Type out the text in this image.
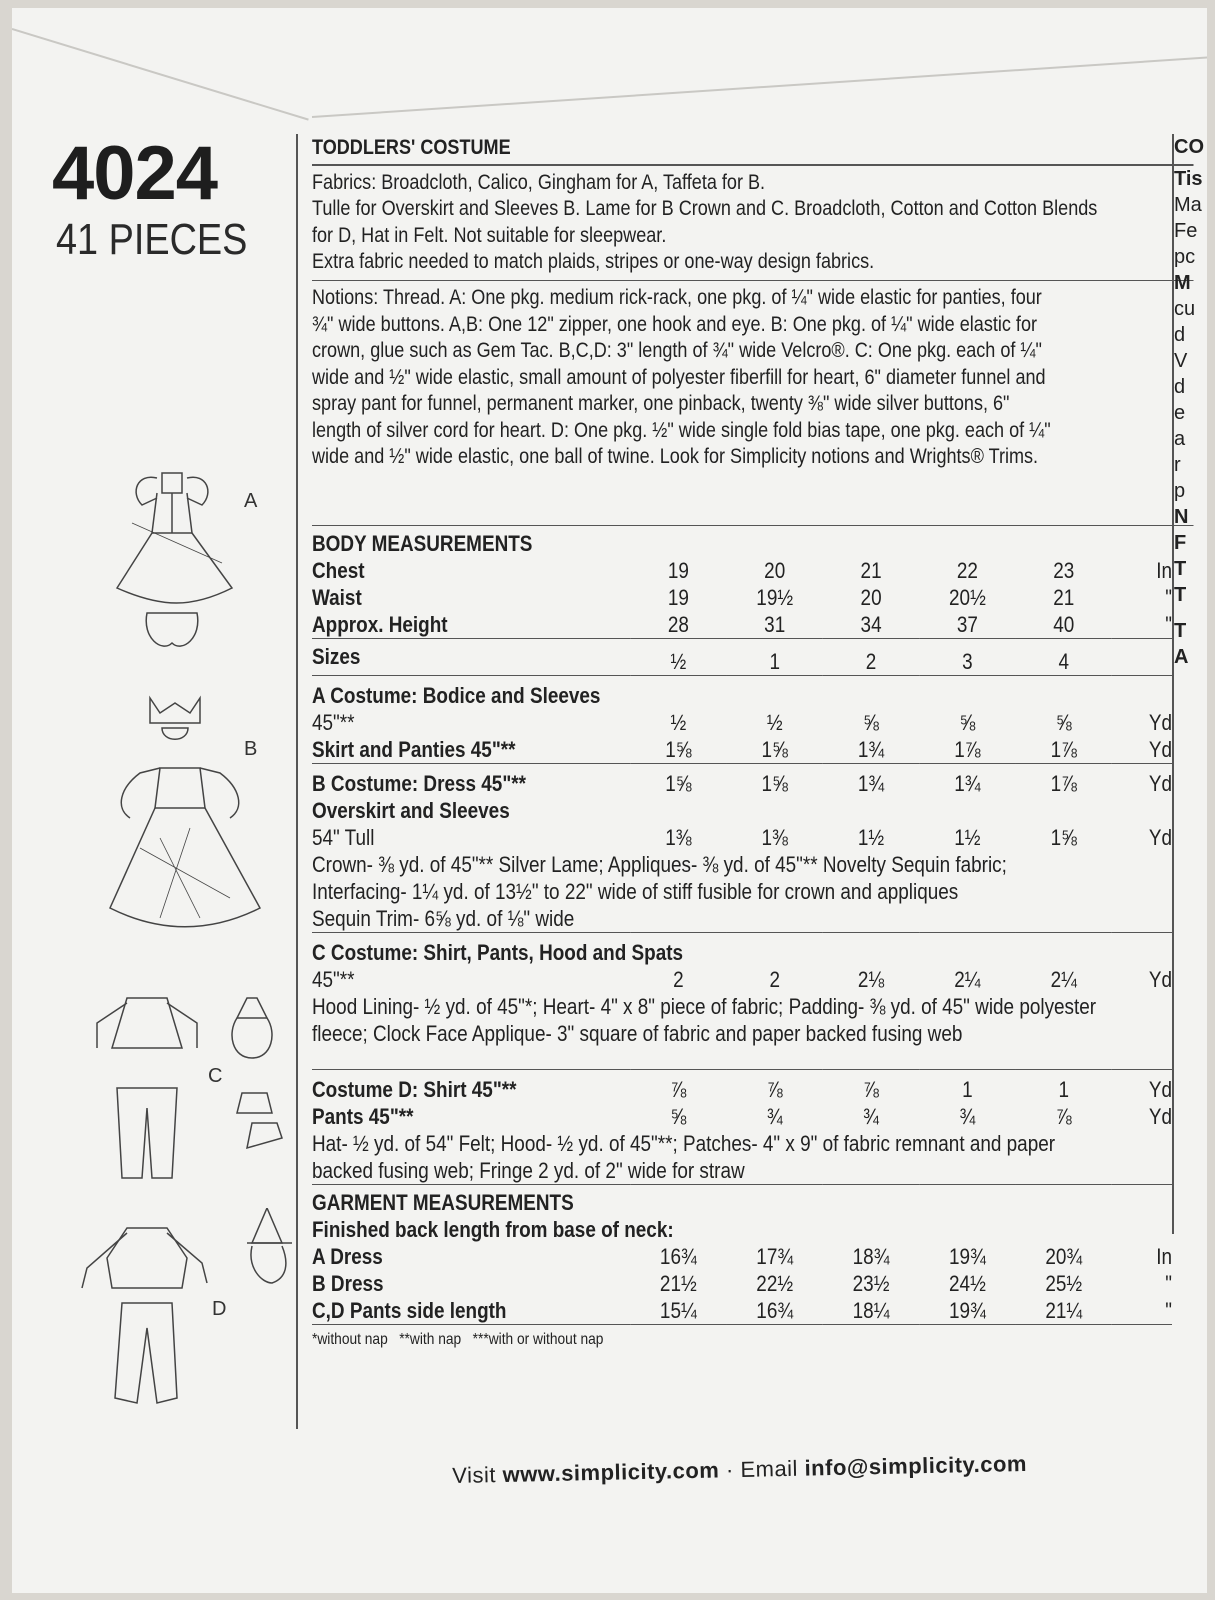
4024
41 PIECES
A
B
C
D
TODDLERS' COSTUME

Fabrics: Broadcloth, Calico, Gingham for A, Taffeta for B.

Tulle for Overskirt and Sleeves B. Lame for B Crown and C. Broadcloth, Cotton and Cotton Blends

for D, Hat in Felt. Not suitable for sleepwear.

Extra fabric needed to match plaids, stripes or one-way design fabrics.

Notions: Thread. A: One pkg. medium rick-rack, one pkg. of ¼" wide elastic for panties, four

¾" wide buttons. A,B: One 12" zipper, one hook and eye. B: One pkg. of ¼" wide elastic for

crown, glue such as Gem Tac. B,C,D: 3" length of ¾" wide Velcro®. C: One pkg. each of ¼"

wide and ½" wide elastic, small amount of polyester fiberfill for heart, 6" diameter funnel and

spray pant for funnel, permanent marker, one pinback, twenty ⅜" wide silver buttons, 6"

length of silver cord for heart. D: One pkg. ½" wide single fold bias tape, one pkg. each of ¼"

wide and ½" wide elastic, one ball of twine. Look for Simplicity notions and Wrights® Trims.

BODY MEASUREMENTS						
Chest	19	20	21	22	23	In
Waist	19	19½	20	20½	21	"
Approx. Height	28	31	34	37	40	"
Sizes	½	1	2	3	4	
A Costume: Bodice and Sleeves						
45"**	½	½	⅝	⅝	⅝	Yd
Skirt and Panties 45"**	1⅝	1⅝	1¾	1⅞	1⅞	Yd
B Costume: Dress 45"**	1⅝	1⅝	1¾	1¾	1⅞	Yd
Overskirt and Sleeves						
54" Tull	1⅜	1⅜	1½	1½	1⅝	Yd
Crown- ⅜ yd. of 45"** Silver Lame; Appliques- ⅜ yd. of 45"** Novelty Sequin fabric;						
Interfacing- 1¼ yd. of 13½" to 22" wide of stiff fusible for crown and appliques						
Sequin Trim- 6⅝ yd. of ⅛" wide						
C Costume: Shirt, Pants, Hood and Spats						
45"**	2	2	2⅛	2¼	2¼	Yd
Hood Lining- ½ yd. of 45"*; Heart- 4" x 8" piece of fabric; Padding- ⅜ yd. of 45" wide polyester						
fleece; Clock Face Applique- 3" square of fabric and paper backed fusing web						
Costume D: Shirt 45"**	⅞	⅞	⅞	1	1	Yd
Pants 45"**	⅝	¾	¾	¾	⅞	Yd
Hat- ½ yd. of 54" Felt; Hood- ½ yd. of 45"**; Patches- 4" x 9" of fabric remnant and paper						
backed fusing web; Fringe 2 yd. of 2" wide for straw						
GARMENT MEASUREMENTS						
Finished back length from base of neck:						
A Dress	16¾	17¾	18¾	19¾	20¾	In
B Dress	21½	22½	23½	24½	25½	"
C,D Pants side length	15¼	16¾	18¼	19¾	21¼	"
*without nap   **with nap   ***with or without nap						
CO
Tis
Ma
Fe
pc
M
cu
d
V
d
e
a
r
p
N
F
T
T
T
A
Visit www.simplicity.com · Email info@simplicity.com
